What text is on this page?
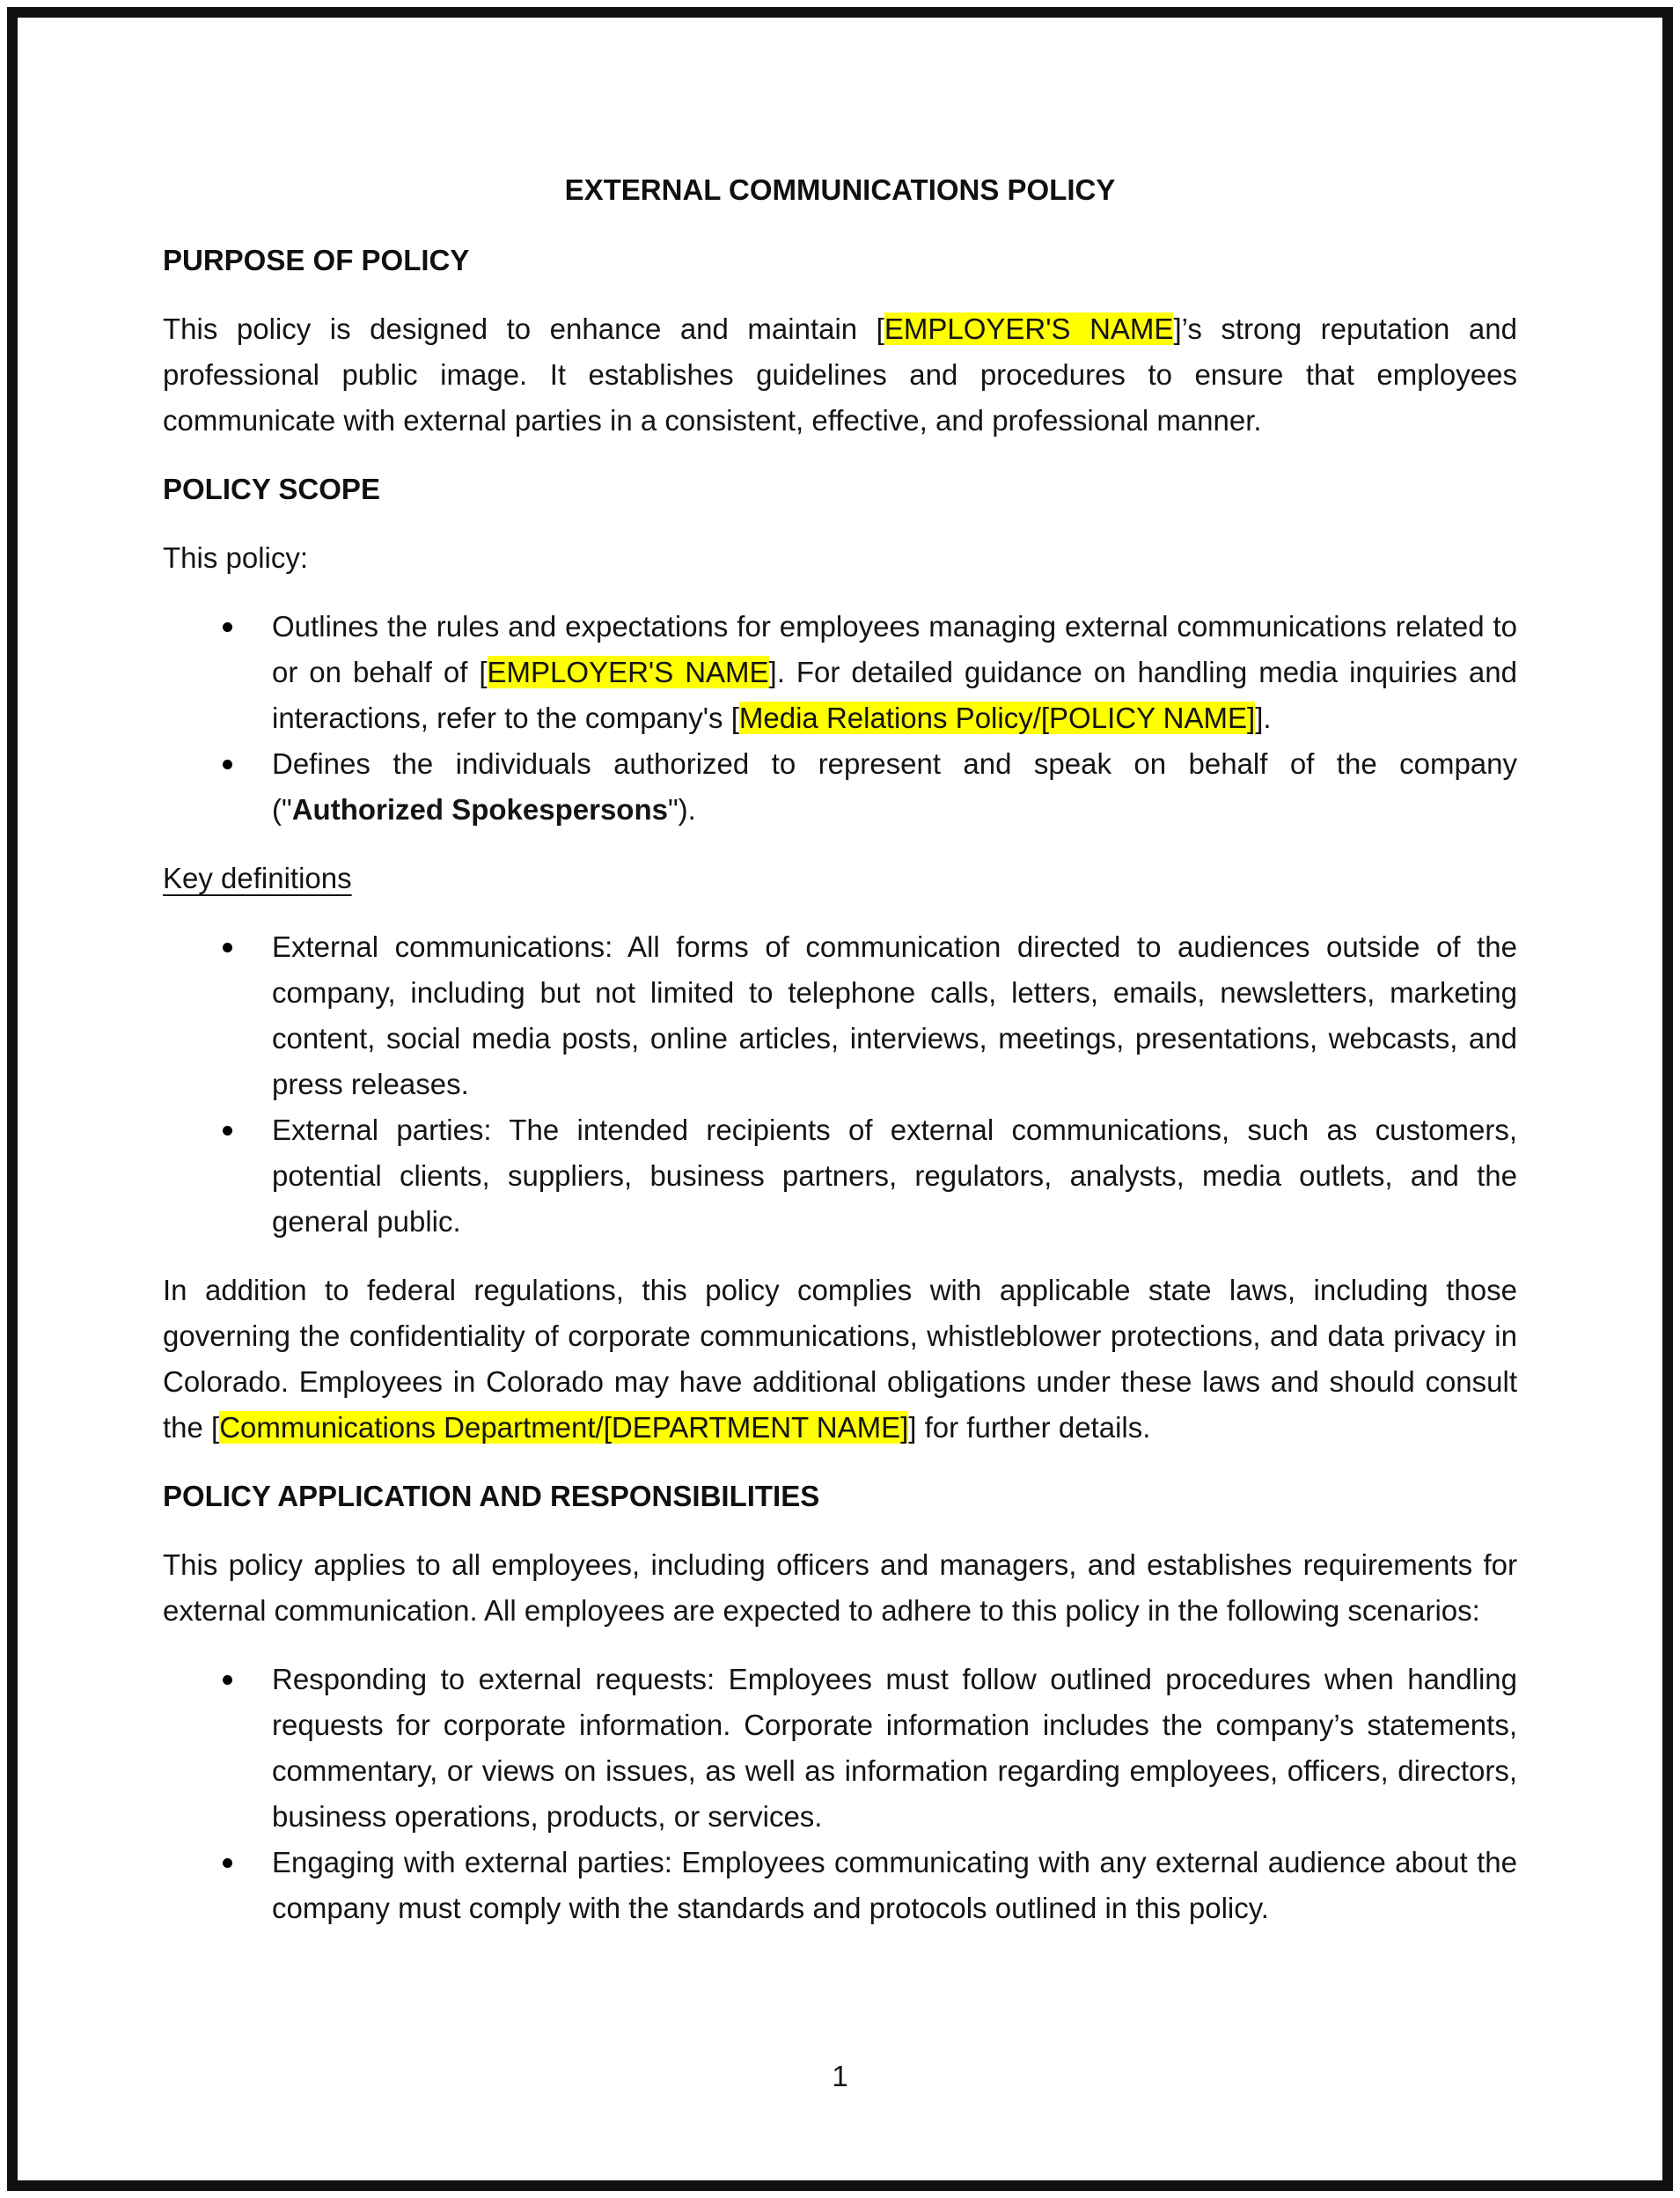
EXTERNAL COMMUNICATIONS POLICY
PURPOSE OF POLICY

This policy is designed to enhance and maintain [EMPLOYER'S NAME]’s strong reputation and professional public image. It establishes guidelines and procedures to ensure that employees communicate with external parties in a consistent, effective, and professional manner.

POLICY SCOPE

This policy:

Outlines the rules and expectations for employees managing external communications related to or on behalf of [EMPLOYER'S NAME]. For detailed guidance on handling media inquiries and interactions, refer to the company's [Media Relations Policy/[POLICY NAME]].
Defines the individuals authorized to represent and speak on behalf of the company ("Authorized Spokespersons").

Key definitions

External communications: All forms of communication directed to audiences outside of the company, including but not limited to telephone calls, letters, emails, newsletters, marketing content, social media posts, online articles, interviews, meetings, presentations, webcasts, and press releases.
External parties: The intended recipients of external communications, such as customers, potential clients, suppliers, business partners, regulators, analysts, media outlets, and the general public.

In addition to federal regulations, this policy complies with applicable state laws, including those governing the confidentiality of corporate communications, whistleblower protections, and data privacy in Colorado. Employees in Colorado may have additional obligations under these laws and should consult the [Communications Department/[DEPARTMENT NAME]] for further details.

POLICY APPLICATION AND RESPONSIBILITIES

This policy applies to all employees, including officers and managers, and establishes requirements for external communication. All employees are expected to adhere to this policy in the following scenarios:

Responding to external requests: Employees must follow outlined procedures when handling requests for corporate information. Corporate information includes the company’s statements, commentary, or views on issues, as well as information regarding employees, officers, directors, business operations, products, or services.
Engaging with external parties: Employees communicating with any external audience about the company must comply with the standards and protocols outlined in this policy.
1
